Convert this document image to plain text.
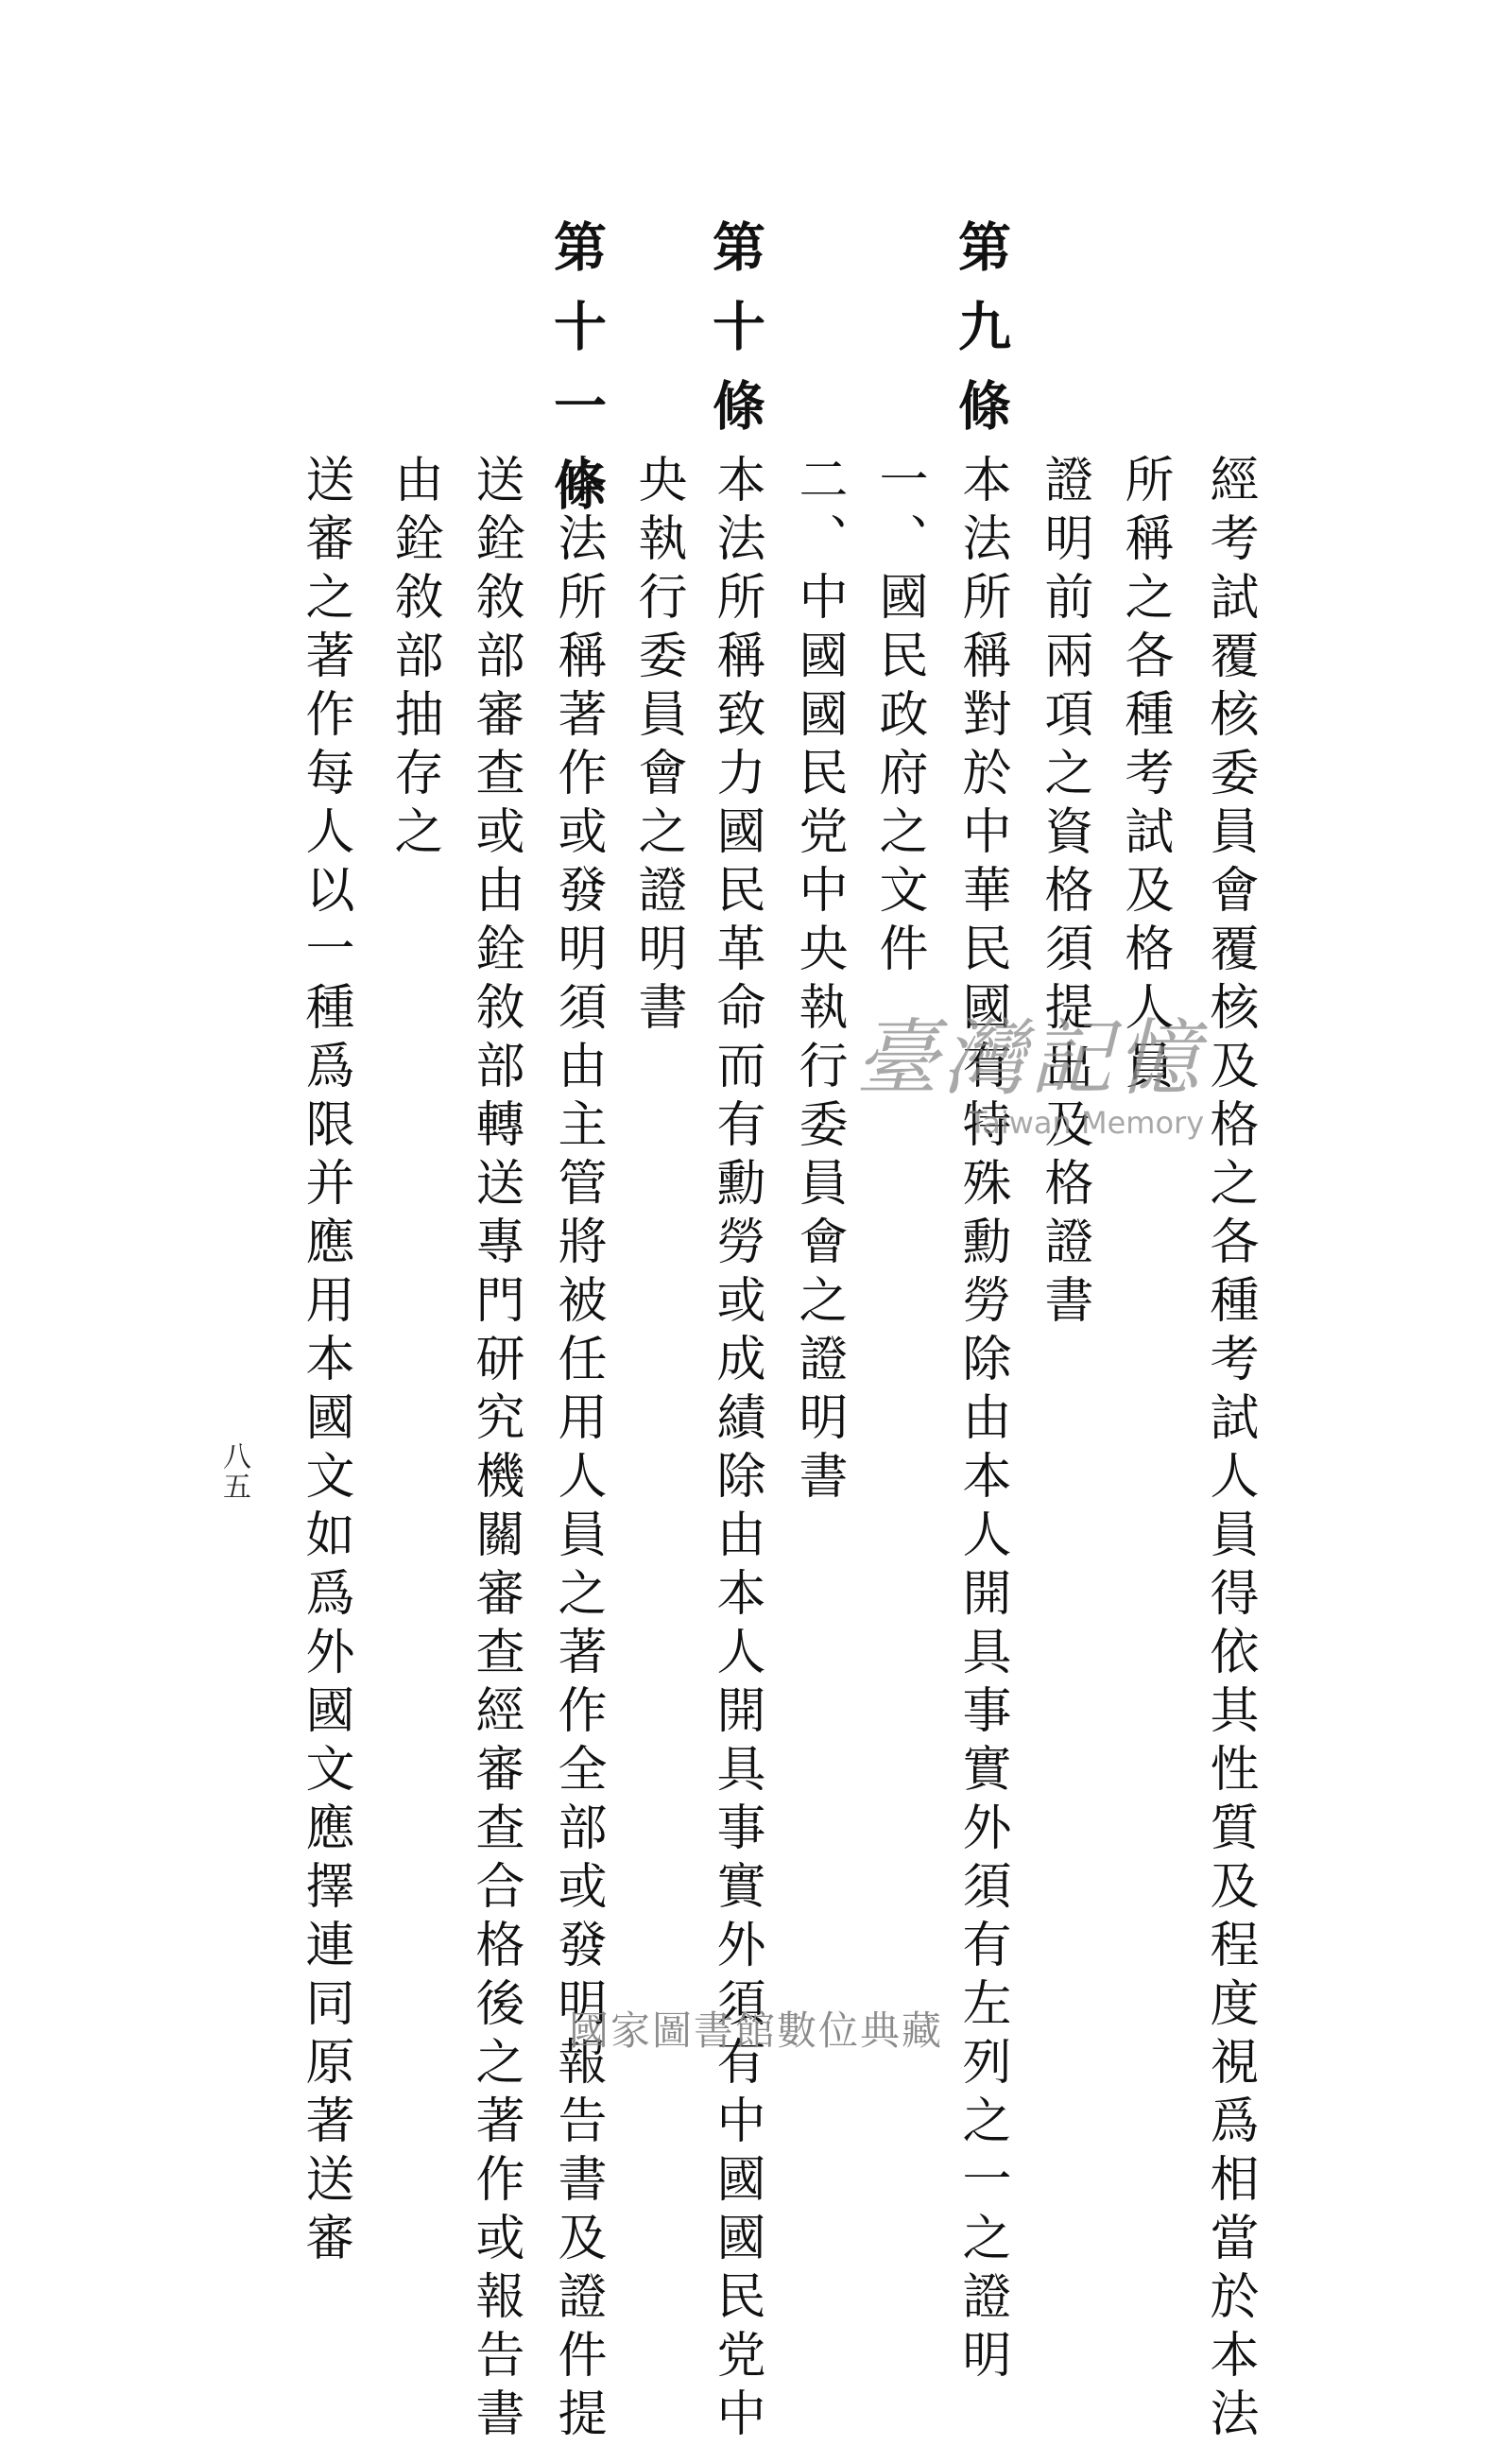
第九條
第十條
第十一條
經考試覆核委員會覆核及格之各種考試人員得依其性質及程度視爲相當於本法
所稱之各種考試及格人員
證明前兩項之資格須提出及格證書
本法所稱對於中華民國有特殊勳勞除由本人開具事實外須有左列之一之證明
一、國民政府之文件
二、中國國民党中央執行委員會之證明書
本法所稱致力國民革命而有勳勞或成績除由本人開具事實外須有中國國民党中
央執行委員會之證明書
本法所稱著作或發明須由主管將被任用人員之著作全部或發明報告書及證件提
送銓敘部審查或由銓敘部轉送專門研究機關審查經審查合格後之著作或報告書
由銓敘部抽存之
送審之著作每人以一種爲限并應用本國文如爲外國文應擇連同原著送審
八五
臺灣記憶
Taiwan Memory
國家圖書館數位典藏
